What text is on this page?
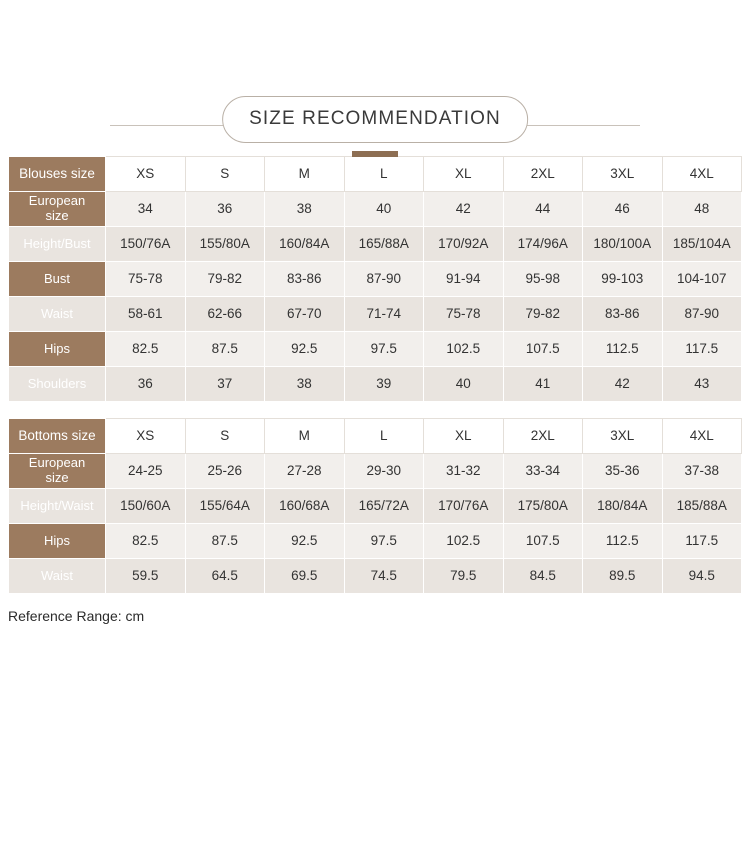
SIZE RECOMMENDATION
Blouses size	XS	S	M	L	XL	2XL	3XL	4XL
European
size	34	36	38	40	42	44	46	48
Height/Bust	150/76A	155/80A	160/84A	165/88A	170/92A	174/96A	180/100A	185/104A
Bust	75-78	79-82	83-86	87-90	91-94	95-98	99-103	104-107
Waist	58-61	62-66	67-70	71-74	75-78	79-82	83-86	87-90
Hips	82.5	87.5	92.5	97.5	102.5	107.5	112.5	117.5
Shoulders	36	37	38	39	40	41	42	43
Bottoms size	XS	S	M	L	XL	2XL	3XL	4XL
European
size	24-25	25-26	27-28	29-30	31-32	33-34	35-36	37-38
Height/Waist	150/60A	155/64A	160/68A	165/72A	170/76A	175/80A	180/84A	185/88A
Hips	82.5	87.5	92.5	97.5	102.5	107.5	112.5	117.5
Waist	59.5	64.5	69.5	74.5	79.5	84.5	89.5	94.5
Reference Range: cm
